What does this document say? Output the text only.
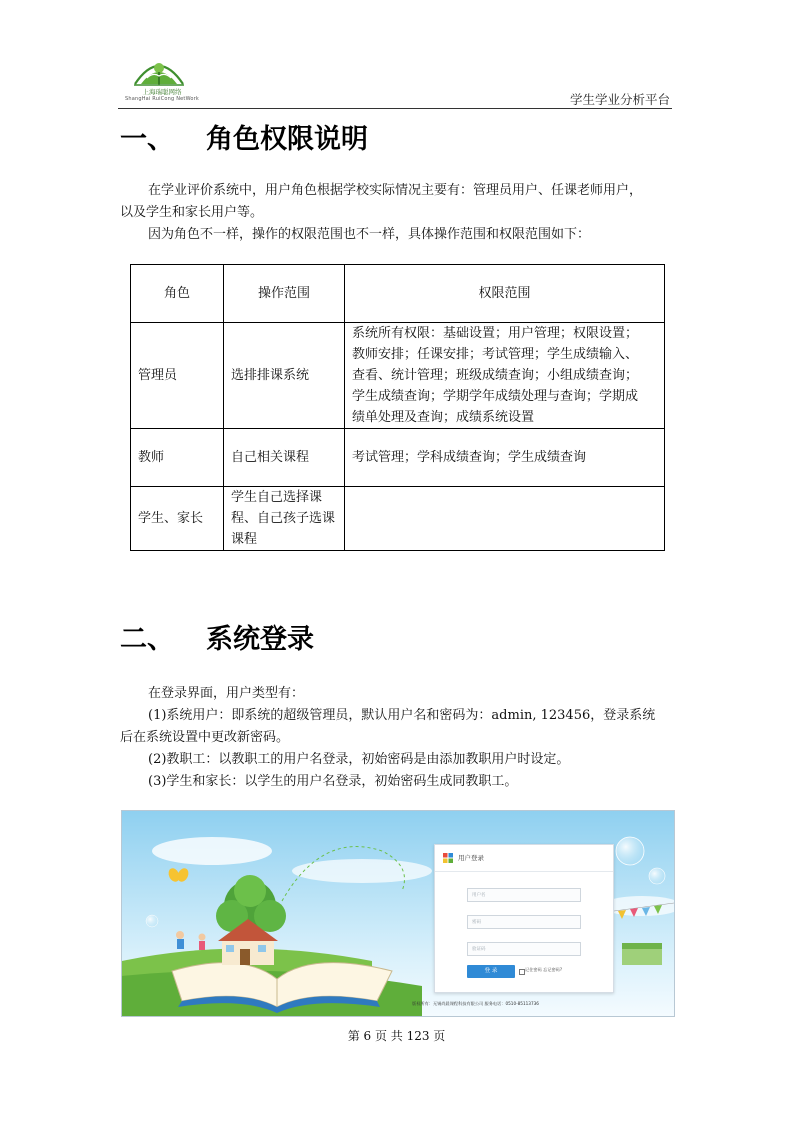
上海瑞聪网络
ShangHai RuiCong NetWork	学生学业分析平台
一、 角色权限说明
在学业评价系统中，用户角色根据学校实际情况主要有：管理员用户、任课老师用户，
以及学生和家长用户等。
因为角色不一样，操作的权限范围也不一样，具体操作范围和权限范围如下：
角色	操作范围	权限范围
管理员	选排排课系统	系统所有权限：基础设置；用户管理；权限设置；
教师安排；任课安排；考试管理；学生成绩输入、
查看、统计管理；班级成绩查询；小组成绩查询；
学生成绩查询；学期学年成绩处理与查询；学期成
绩单处理及查询；成绩系统设置

教师	自己相关课程	考试管理；学科成绩查询；学生成绩查询

学生、家长	学生自己选择课
程、自己孩子选课
课程	

二、 系统登录
在登录界面，用户类型有：
(1)系统用户：即系统的超级管理员，默认用户名和密码为：admin, 123456，登录系统
后在系统设置中更改新密码。
(2)教职工：以教职工的用户名登录，初始密码是由添加教职用户时设定。
(3)学生和家长：以学生的用户名登录，初始密码生成同教职工。
用户登录
用户名
密码
验证码
登 录	记住密码 忘记密码?
版权所有：无锡尚晨课程科技有限公司 服务电话：0510-85113736
第 6 页 共 123 页
